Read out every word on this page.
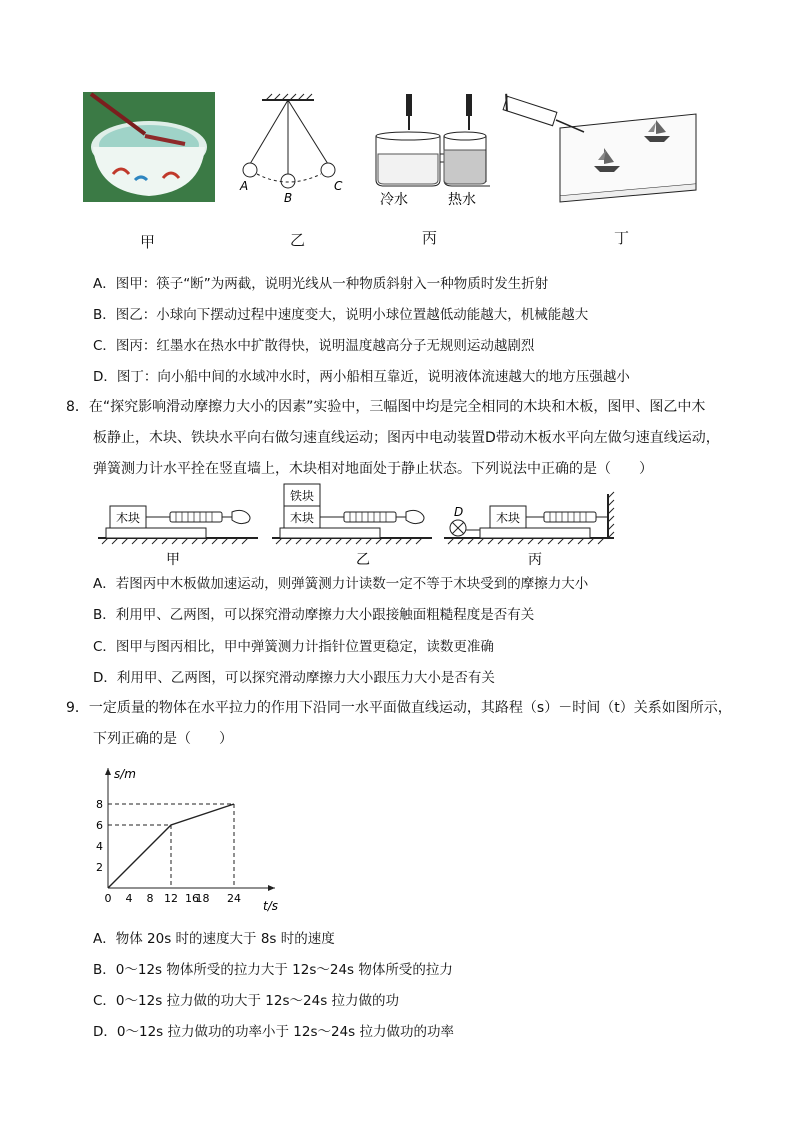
A
B
C
冷水	热水
甲	乙	丙	丁
A．图甲：筷子“断”为两截，说明光线从一种物质斜射入一种物质时发生折射
B．图乙：小球向下摆动过程中速度变大，说明小球位置越低动能越大，机械能越大
C．图丙：红墨水在热水中扩散得快，说明温度越高分子无规则运动越剧烈
D．图丁：向小船中间的水域冲水时，两小船相互靠近，说明液体流速越大的地方压强越小
8．在“探究影响滑动摩擦力大小的因素”实验中，三幅图中均是完全相同的木块和木板，图甲、图乙中木
板静止，木块、铁块水平向右做匀速直线运动；图丙中电动装置D带动木板水平向左做匀速直线运动，
弹簧测力计水平拴在竖直墙上，木块相对地面处于静止状态。下列说法中正确的是（　　）
木块
铁块
木块	D	木块
甲	乙	丙
A．若图丙中木板做加速运动，则弹簧测力计读数一定不等于木块受到的摩擦力大小
B．利用甲、乙两图，可以探究滑动摩擦力大小跟接触面粗糙程度是否有关
C．图甲与图丙相比，甲中弹簧测力计指针位置更稳定，读数更准确
D．利用甲、乙两图，可以探究滑动摩擦力大小跟压力大小是否有关
9．一定质量的物体在水平拉力的作用下沿同一水平面做直线运动，其路程（s）－时间（t）关系如图所示，
下列正确的是（　　）
s/m
t/s
0 4 8 12 16
18 24
2
4
6
8
A．物体 20s 时的速度大于 8s 时的速度
B．0～12s 物体所受的拉力大于 12s～24s 物体所受的拉力
C．0～12s 拉力做的功大于 12s～24s 拉力做的功
D．0～12s 拉力做功的功率小于 12s～24s 拉力做功的功率
